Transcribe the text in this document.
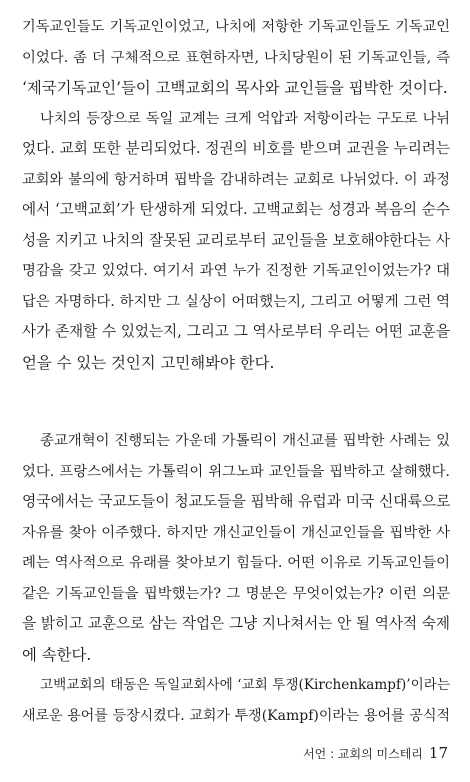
기독교인들도 기독교인이었고, 나치에 저항한 기독교인들도 기독교인
이었다. 좀 더 구체적으로 표현하자면, 나치당원이 된 기독교인들, 즉
‘제국기독교인’들이 고백교회의 목사와 교인들을 핍박한 것이다.
나치의 등장으로 독일 교계는 크게 억압과 저항이라는 구도로 나뉘
었다. 교회 또한 분리되었다. 정권의 비호를 받으며 교권을 누리려는
교회와 불의에 항거하며 핍박을 감내하려는 교회로 나뉘었다. 이 과정
에서 ‘고백교회’가 탄생하게 되었다. 고백교회는 성경과 복음의 순수
성을 지키고 나치의 잘못된 교리로부터 교인들을 보호해야한다는 사
명감을 갖고 있었다. 여기서 과연 누가 진정한 기독교인이었는가? 대
답은 자명하다. 하지만 그 실상이 어떠했는지, 그리고 어떻게 그런 역
사가 존재할 수 있었는지, 그리고 그 역사로부터 우리는 어떤 교훈을
얻을 수 있는 것인지 고민해봐야 한다.
종교개혁이 진행되는 가운데 가톨릭이 개신교를 핍박한 사례는 있
었다. 프랑스에서는 가톨릭이 위그노파 교인들을 핍박하고 살해했다.
영국에서는 국교도들이 청교도들을 핍박해 유럽과 미국 신대륙으로
자유를 찾아 이주했다. 하지만 개신교인들이 개신교인들을 핍박한 사
례는 역사적으로 유래를 찾아보기 힘들다. 어떤 이유로 기독교인들이
같은 기독교인들을 핍박했는가? 그 명분은 무엇이었는가? 이런 의문
을 밝히고 교훈으로 삼는 작업은 그냥 지나쳐서는 안 될 역사적 숙제
에 속한다.
고백교회의 태동은 독일교회사에 ‘교회 투쟁(Kirchenkampf)’이라는
새로운 용어를 등장시켰다. 교회가 투쟁(Kampf)이라는 용어를 공식적
서언 : 교회의 미스테리 17
